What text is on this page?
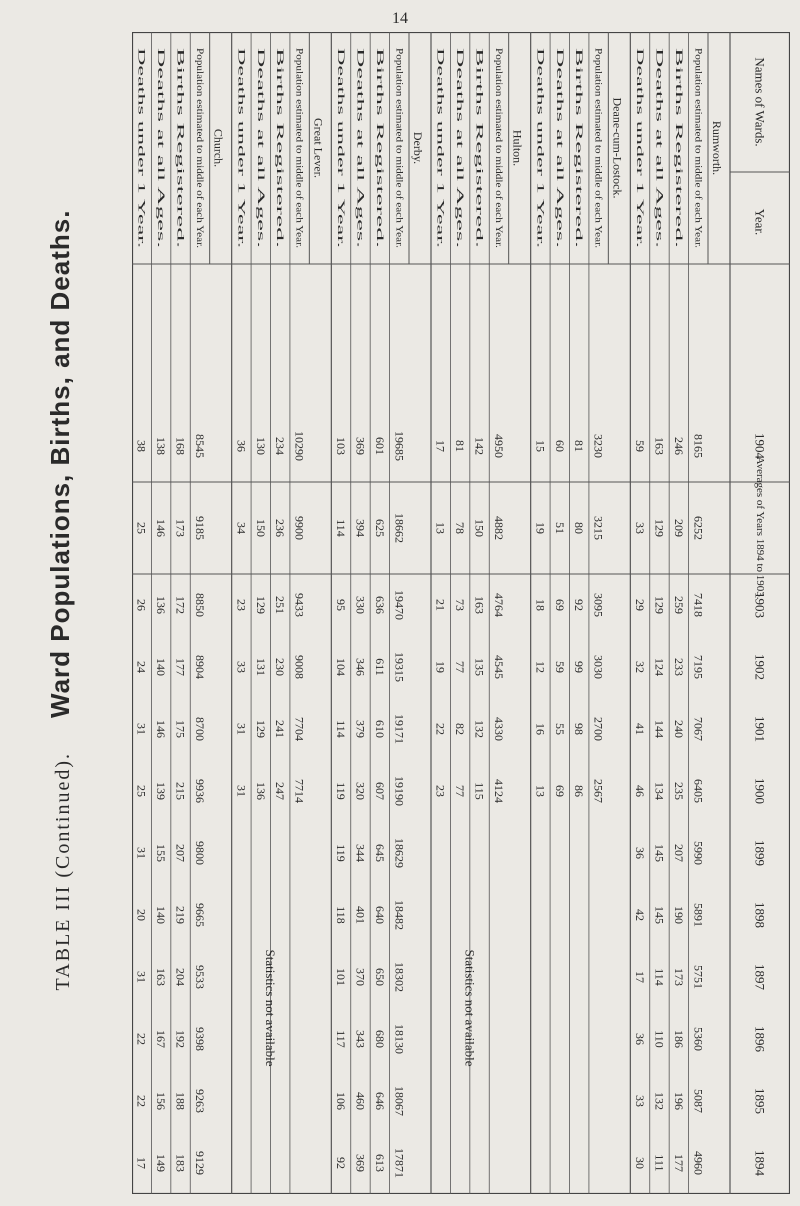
14
TABLE III (Continued). Ward Populations, Births, and Deaths.
Names of Wards.
Year.
1894
1895
1896
1897
1898
1899
1900
1901
1902
1903
Averages of Years 1894 to 1903.
1904
Church.
Deaths under 1 Year. Deaths at all Ages. Births Registered. Population estimated to middle of each Year.
17
22
22
31
20
31
25
31
24
26
25
38
149
156
167
163
140
155
139
146
140
136
146
138
183
188
192
204
219
207
215
175
177
172
173
168
9129
9263
9398
9533
9665
9800
9936
8700
8904
8850
9185
8545
Great Lever.
Deaths under 1 Year. Deaths at all Ages. Births Registered. Population estimated to middle of each Year.
Statistics not available
31
31
33
23
34
36
136
129
131
129
150
130
247
241
230
251
236
234
7714
7704
9008
9433
9900
10290
Derby.
Deaths under 1 Year. Deaths at all Ages. Births Registered. Population estimated to middle of each Year.
92
106
117
101
118
119
119
114
104
95
114
103
369
460
343
370
401
344
320
379
346
330
394
369
613
646
680
650
640
645
607
610
611
636
625
601
17871
18067
18130
18302
18482
18629
19190
19171
19315
19470
18662
19685
Hulton.
Deaths under 1 Year. Deaths at all Ages. Births Registered. Population estimated to middle of each Year.
Statistics not available
23
22
19
21
13
17
77
82
77
73
78
81
115
132
135
163
150
142
4124
4330
4545
4764
4882
4950
Deane-cum-Lostock.
Deaths under 1 Year. Deaths at all Ages. Births Registered. Population estimated to middle of each Year.
13
16
12
18
19
15
69
55
59
69
51
60
86
98
99
92
80
81
2567
2700
3030
3095
3215
3230
Rumworth.
Deaths under 1 Year. Deaths at all Ages. Births Registered. Population estimated to middle of each Year.
30
33
36
17
42
36
46
41
32
29
33
59
111
132
110
114
145
145
134
144
124
129
129
163
177
196
186
173
190
207
235
240
233
259
209
246
4960
5087
5360
5751
5891
5990
6405
7067
7195
7418
6252
8165
